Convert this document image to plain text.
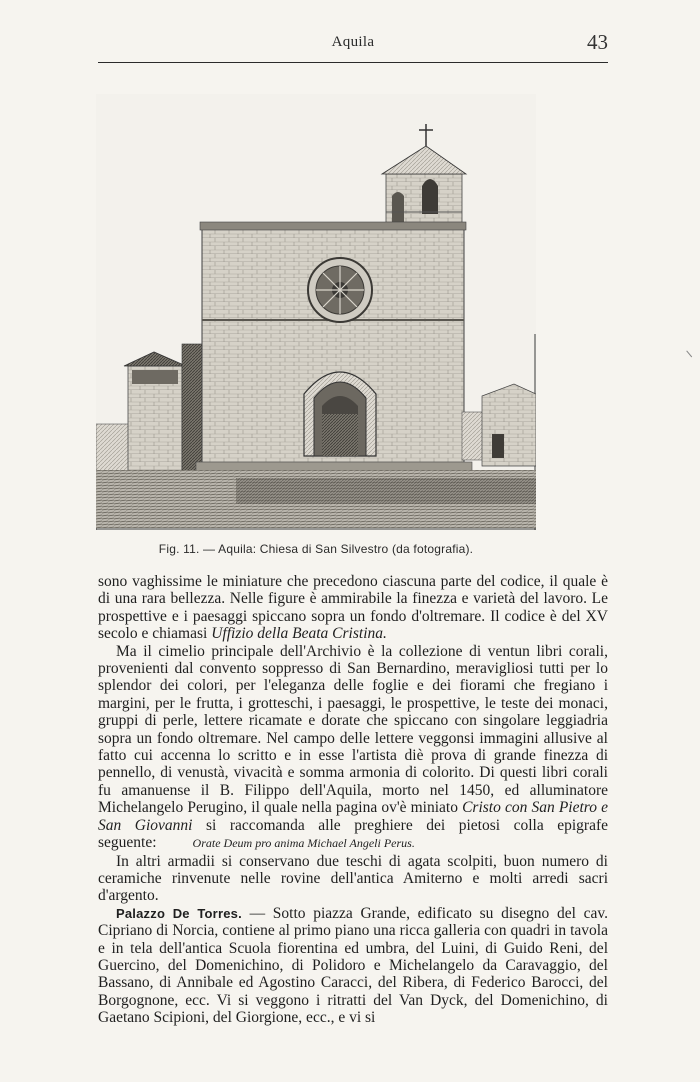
Aquila	43
Fig. 11. — Aquila: Chiesa di San Silvestro (da fotografia).

sono vaghissime le miniature che precedono ciascuna parte del codice, il quale è di una rara bellezza. Nelle figure è ammirabile la finezza e varietà del lavoro. Le prospettive e i paesaggi spiccano sopra un fondo d'oltremare. Il codice è del XV secolo e chiamasi Uffizio della Beata Cristina.

Ma il cimelio principale dell'Archivio è la collezione di ventun libri corali, provenienti dal convento soppresso di San Bernardino, meravigliosi tutti per lo splendor dei colori, per l'eleganza delle foglie e dei fiorami che fregiano i margini, per le frutta, i grotteschi, i paesaggi, le prospettive, le teste dei monaci, gruppi di perle, lettere ricamate e dorate che spiccano con singolare leggiadria sopra un fondo oltremare. Nel campo delle lettere veggonsi immagini allusive al fatto cui accenna lo scritto e in esse l'artista diè prova di grande finezza di pennello, di venustà, vivacità e somma armonia di colorito. Di questi libri corali fu amanuense il B. Filippo dell'Aquila, morto nel 1450, ed alluminatore Michelangelo Perugino, il quale nella pagina ov'è miniato Cristo con San Pietro e San Giovanni si raccomanda alle preghiere dei pietosi colla epigrafe seguente:	Orate Deum pro anima Michael Angeli Perus.

In altri armadii si conservano due teschi di agata scolpiti, buon numero di ceramiche rinvenute nelle rovine dell'antica Amiterno e molti arredi sacri d'argento.

Palazzo De Torres. — Sotto piazza Grande, edificato su disegno del cav. Cipriano di Norcia, contiene al primo piano una ricca galleria con quadri in tavola e in tela dell'antica Scuola fiorentina ed umbra, del Luini, di Guido Reni, del Guercino, del Domenichino, di Polidoro e Michelangelo da Caravaggio, del Bassano, di Annibale ed Agostino Caracci, del Ribera, di Federico Barocci, del Borgognone, ecc. Vi si veggono i ritratti del Van Dyck, del Domenichino, di Gaetano Scipioni, del Giorgione, ecc., e vi si
